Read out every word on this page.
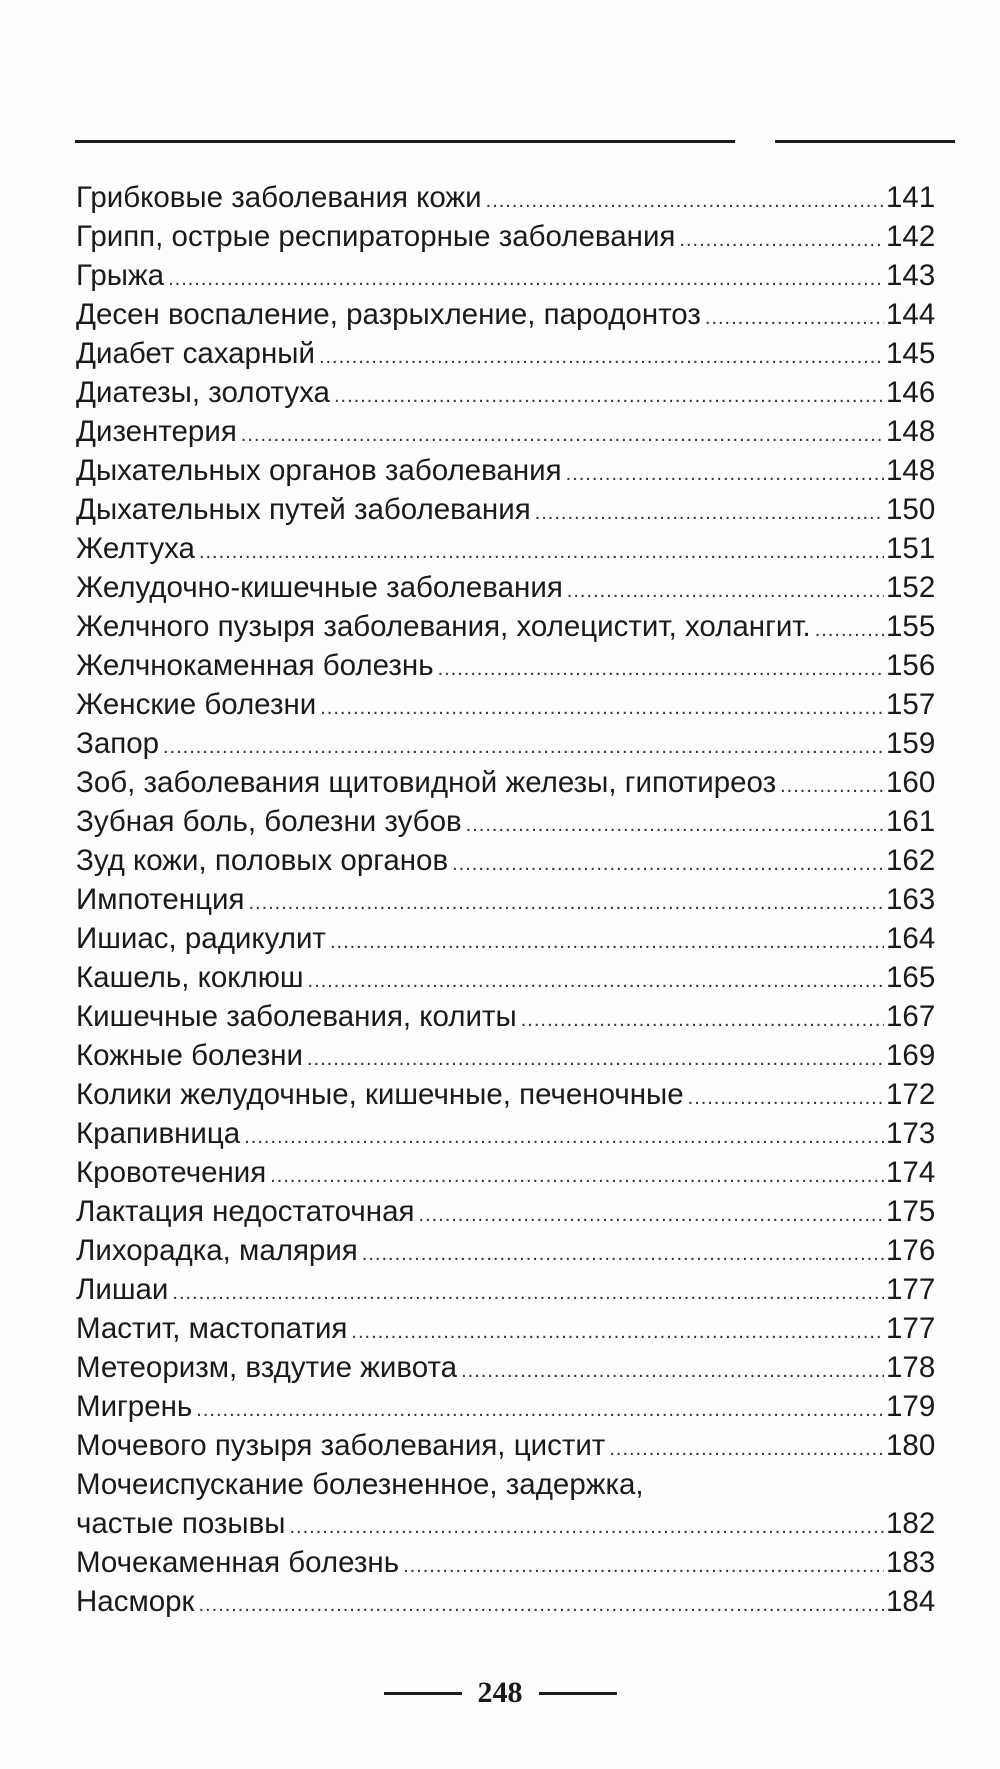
Грибковые заболевания кожи .....	141
Грипп, острые респираторные заболевания .....	142
Грыжа .....	143
Десен воспаление, разрыхление, пародонтоз .....	144
Диабет сахарный .....	145
Диатезы, золотуха .....	146
Дизентерия .....	148
Дыхательных органов заболевания .....	148
Дыхательных путей заболевания .....	150
Желтуха .....	151
Желудочно-кишечные заболевания .....	152
Желчного пузыря заболевания, холецистит, холангит. .....	155
Желчнокаменная болезнь .....	156
Женские болезни .....	157
Запор .....	159
Зоб, заболевания щитовидной железы, гипотиреоз .....	160
Зубная боль, болезни зубов .....	161
Зуд кожи, половых органов .....	162
Импотенция .....	163
Ишиас, радикулит .....	164
Кашель, коклюш .....	165
Кишечные заболевания, колиты .....	167
Кожные болезни .....	169
Колики желудочные, кишечные, печеночные .....	172
Крапивница .....	173
Кровотечения .....	174
Лактация недостаточная .....	175
Лихорадка, малярия .....	176
Лишаи .....	177
Мастит, мастопатия .....	177
Метеоризм, вздутие живота .....	178
Мигрень .....	179
Мочевого пузыря заболевания, цистит .....	180
Мочеиспускание болезненное, задержка,
частые позывы .....	182
Мочекаменная болезнь .....	183
Насморк .....	184
248
